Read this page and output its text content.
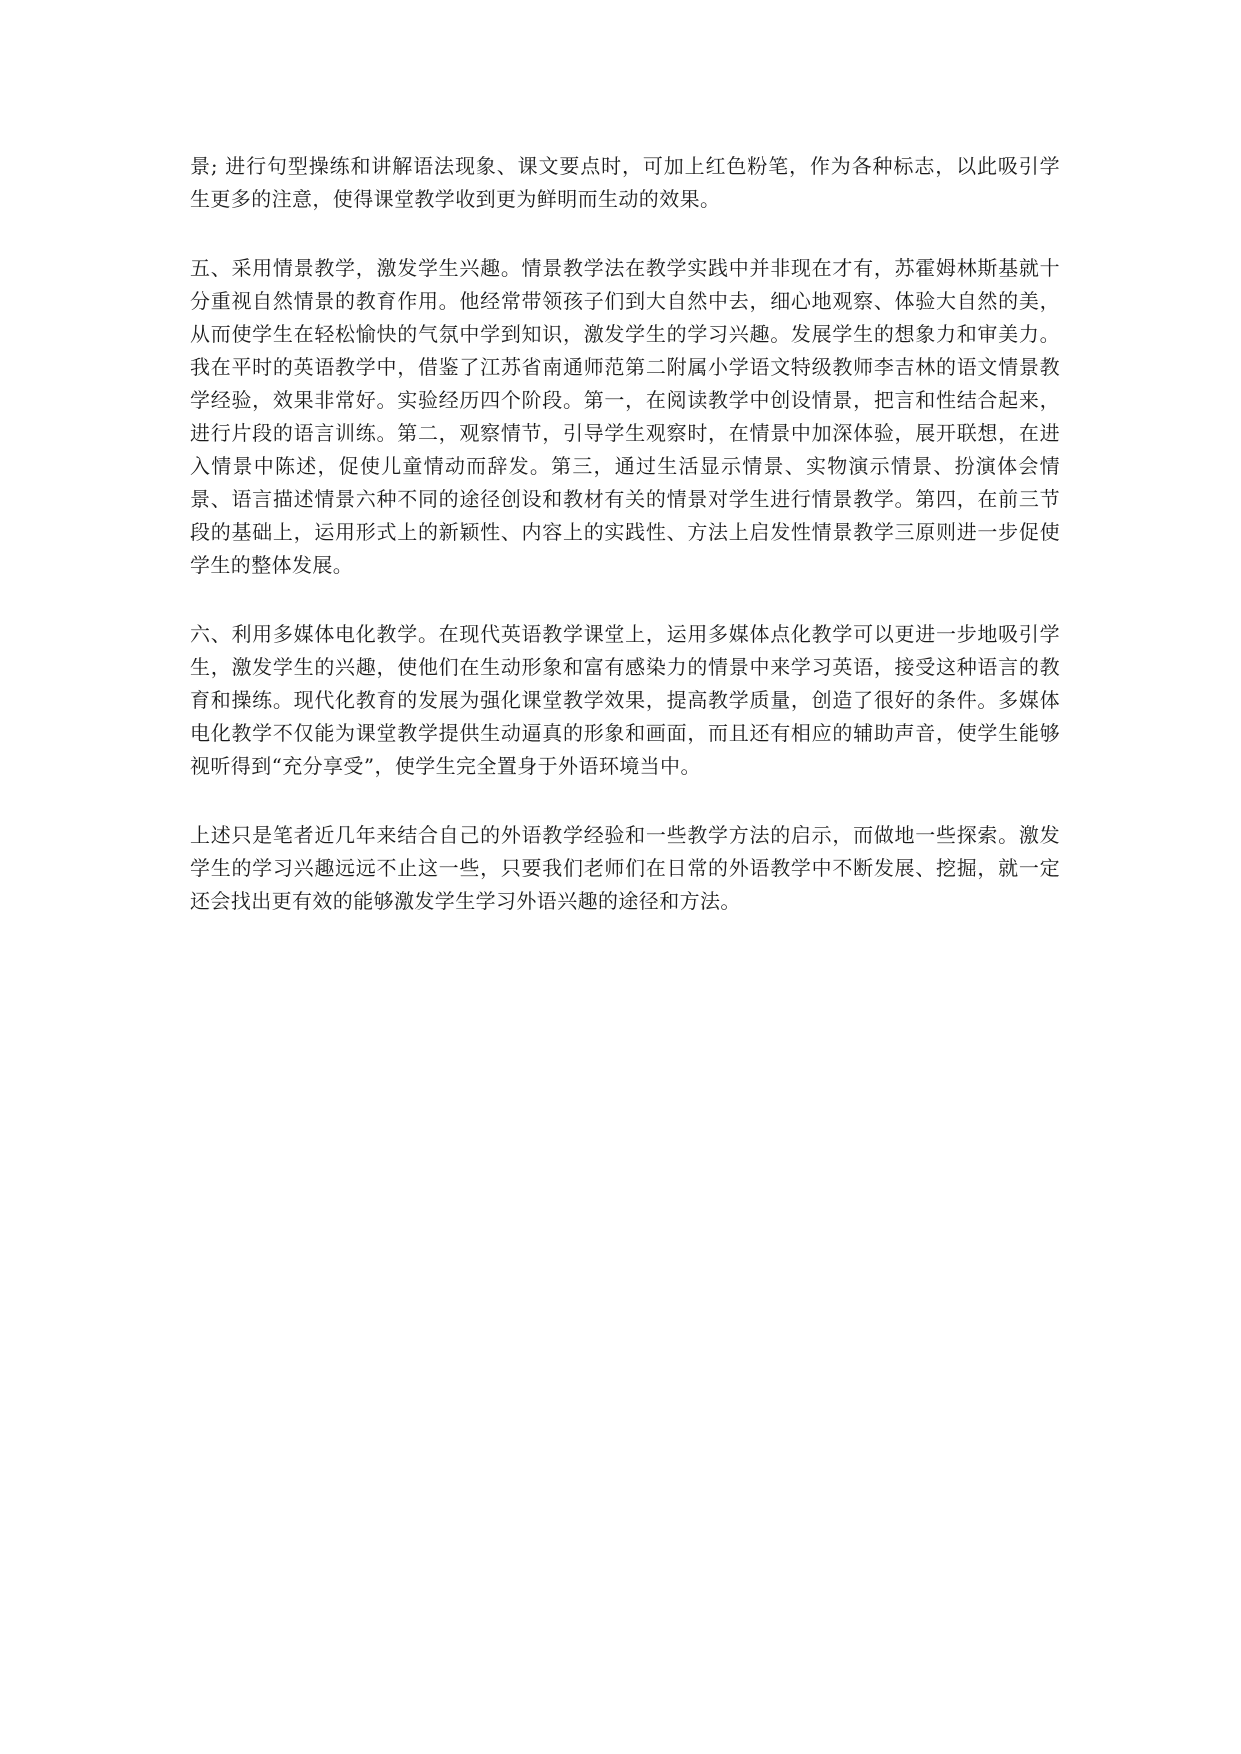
景; 进行句型操练和讲解语法现象、课文要点时，可加上红色粉笔，作为各种标志，以此吸引学生更多的注意，使得课堂教学收到更为鲜明而生动的效果。

五、采用情景教学，激发学生兴趣。情景教学法在教学实践中并非现在才有，苏霍姆林斯基就十分重视自然情景的教育作用。他经常带领孩子们到大自然中去，细心地观察、体验大自然的美，从而使学生在轻松愉快的气氛中学到知识，激发学生的学习兴趣。发展学生的想象力和审美力。我在平时的英语教学中，借鉴了江苏省南通师范第二附属小学语文特级教师李吉林的语文情景教学经验，效果非常好。实验经历四个阶段。第一，在阅读教学中创设情景，把言和性结合起来，进行片段的语言训练。第二，观察情节，引导学生观察时，在情景中加深体验，展开联想，在进入情景中陈述，促使儿童情动而辞发。第三，通过生活显示情景、实物演示情景、扮演体会情景、语言描述情景六种不同的途径创设和教材有关的情景对学生进行情景教学。第四，在前三节段的基础上，运用形式上的新颖性、内容上的实践性、方法上启发性情景教学三原则进一步促使学生的整体发展。

六、利用多媒体电化教学。在现代英语教学课堂上，运用多媒体点化教学可以更进一步地吸引学生，激发学生的兴趣，使他们在生动形象和富有感染力的情景中来学习英语，接受这种语言的教育和操练。现代化教育的发展为强化课堂教学效果，提高教学质量，创造了很好的条件。多媒体电化教学不仅能为课堂教学提供生动逼真的形象和画面，而且还有相应的辅助声音，使学生能够视听得到“充分享受”，使学生完全置身于外语环境当中。

上述只是笔者近几年来结合自己的外语教学经验和一些教学方法的启示，而做地一些探索。激发学生的学习兴趣远远不止这一些，只要我们老师们在日常的外语教学中不断发展、挖掘，就一定还会找出更有效的能够激发学生学习外语兴趣的途径和方法。
